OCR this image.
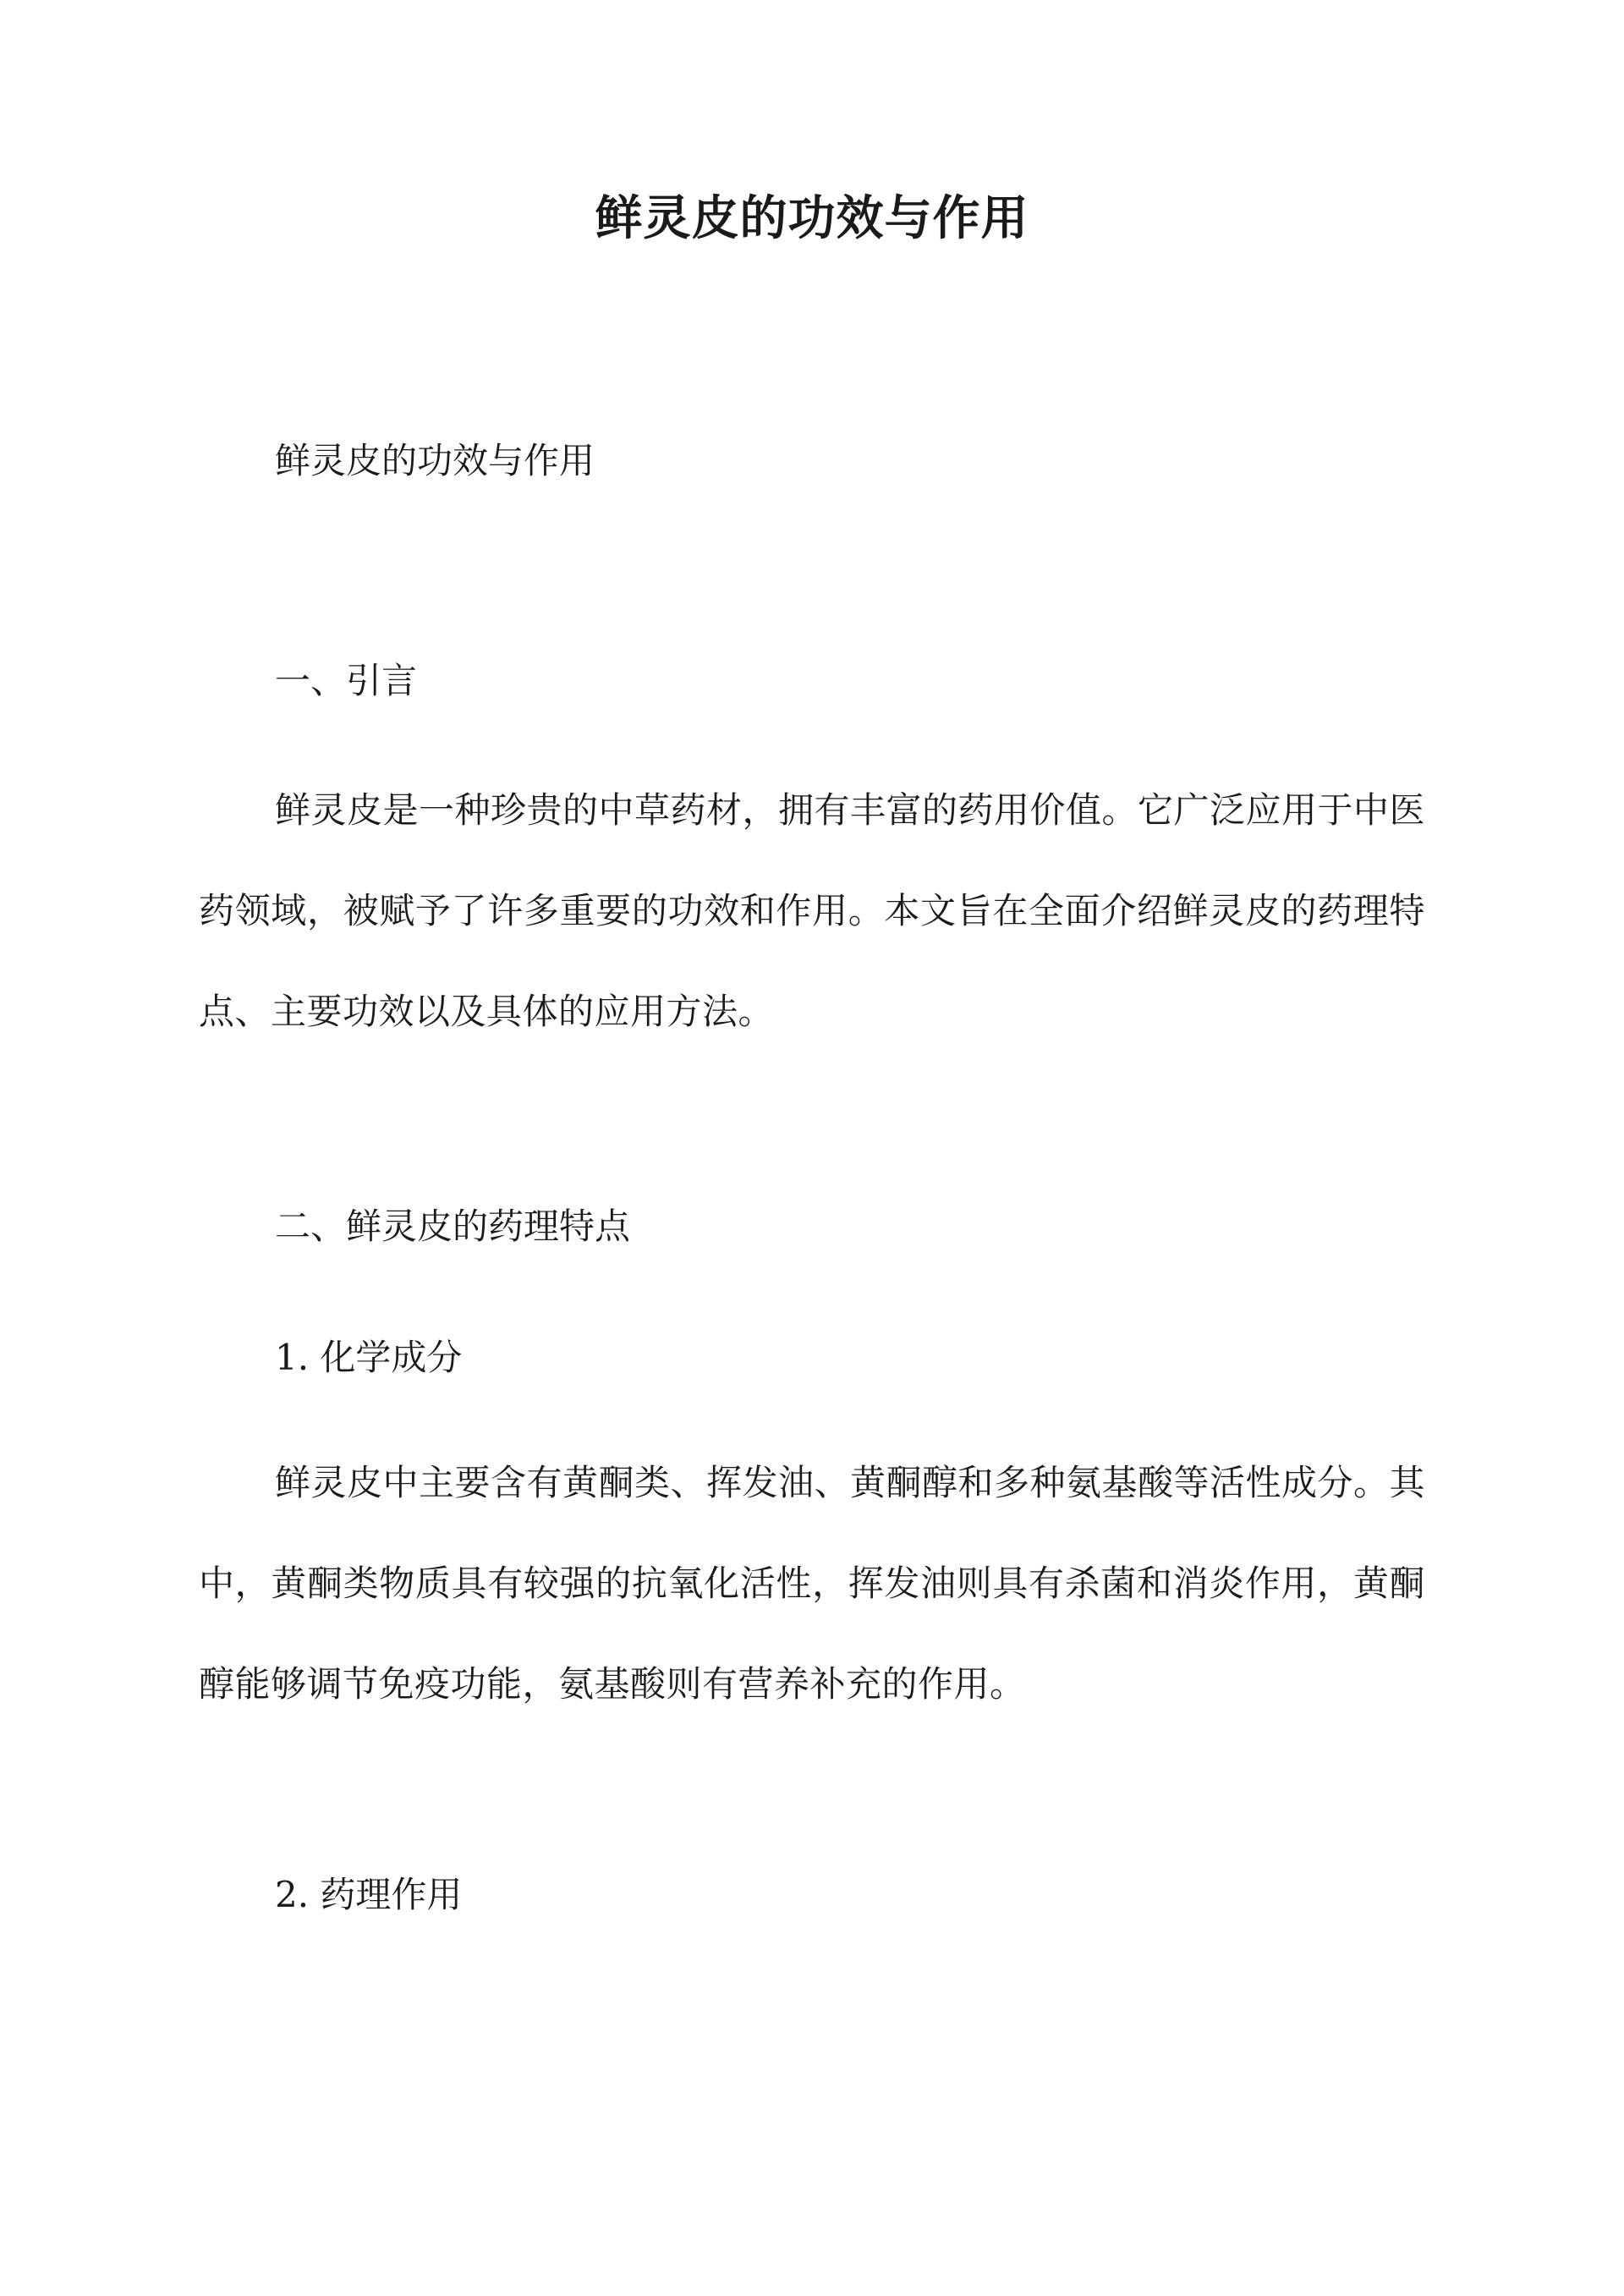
鲜灵皮的功效与作用
鲜灵皮的功效与作用
一、引言
鲜灵皮是一种珍贵的中草药材，拥有丰富的药用价值。它广泛应用于中医药领域，被赋予了许多重要的功效和作用。本文旨在全面介绍鲜灵皮的药理特点、主要功效以及具体的应用方法。
二、鲜灵皮的药理特点
1. 化学成分
鲜灵皮中主要含有黄酮类、挥发油、黄酮醇和多种氨基酸等活性成分。其中，黄酮类物质具有较强的抗氧化活性，挥发油则具有杀菌和消炎作用，黄酮醇能够调节免疫功能，氨基酸则有营养补充的作用。
2. 药理作用
